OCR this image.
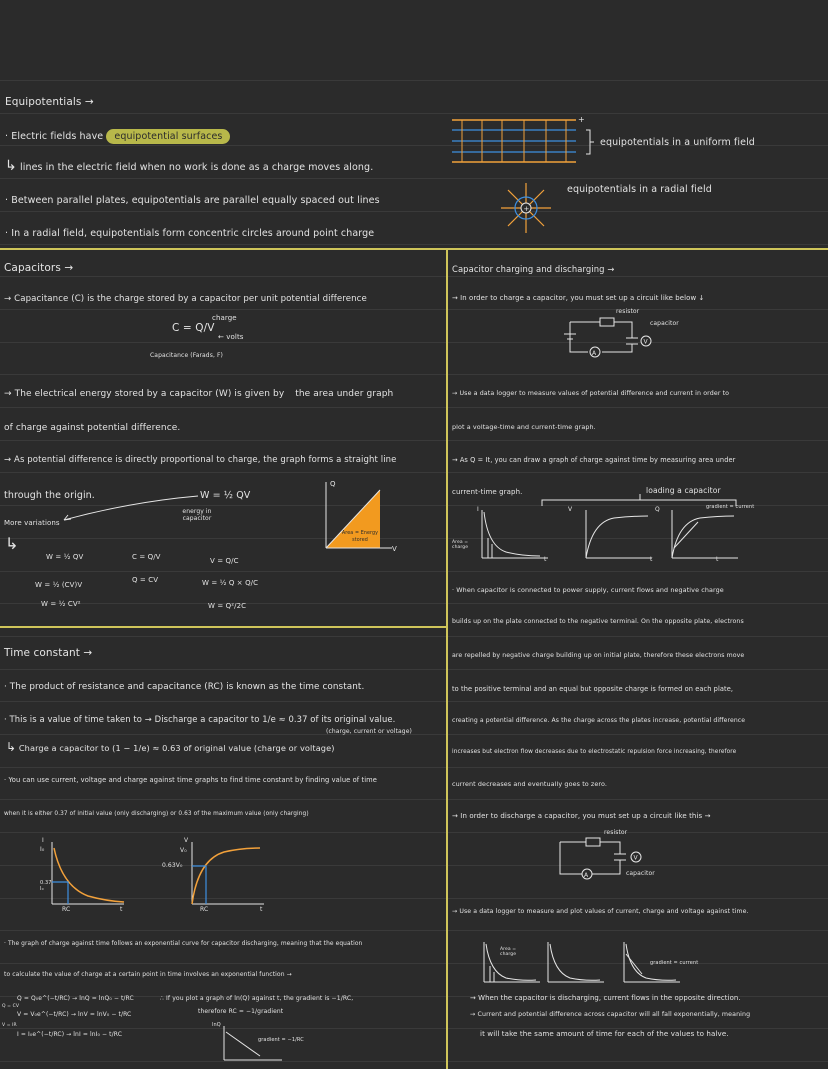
Equipotentials →
· Electric fields have equipotential surfaces
↳ lines in the electric field when no work is done as a charge moves along.
· Between parallel plates, equipotentials are parallel equally spaced out lines
· In a radial field, equipotentials form concentric circles around point charge
+
equipotentials in a uniform field
+
equipotentials in a radial field
Capacitors →
→ Capacitance (C) is the charge stored by a capacitor per unit potential difference
C = Q/V
charge
← volts
Capacitance (Farads, F)
→ The electrical energy stored by a capacitor (W) is given by the area under graph
of charge against potential difference.
→ As potential difference is directly proportional to charge, the graph forms a straight line
through the origin.	W = ½ QV
energy in capacitor
More variations
↳
Q
V
Area = Energy stored
W = ½ QV
W = ½ (CV)V
W = ½ CV²
C = Q/V
Q = CV
V = Q/C
W = ½ Q × Q/C
W = Q²/2C
Time constant →
· The product of resistance and capacitance (RC) is known as the time constant.
· This is a value of time taken to → Discharge a capacitor to 1/e ≈ 0.37 of its original value.
(charge, current or voltage)
↳ Charge a capacitor to (1 − 1/e) ≈ 0.63 of original value (charge or voltage)
· You can use current, voltage and charge against time graphs to find time constant by finding value of time
when it is either 0.37 of initial value (only discharging) or 0.63 of the maximum value (only charging)
I
I₀
0.37 I₀
RC	t
V
V₀
0.63V₀
RC	t
· The graph of charge against time follows an exponential curve for capacitor discharging, meaning that the equation
to calculate the value of charge at a certain point in time involves an exponential function →
Q = Q₀e^(−t/RC) → lnQ = lnQ₀ − t/RC
V = V₀e^(−t/RC) → lnV = lnV₀ − t/RC
I = I₀e^(−t/RC) → lnI = lnI₀ − t/RC
Q = CV
V = IR
∴ If you plot a graph of ln(Q) against t, the gradient is −1/RC,
therefore RC = −1/gradient
lnQ
gradient = −1/RC
Capacitor charging and discharging →
→ In order to charge a capacitor, you must set up a circuit like below ↓
A
V
resistor
capacitor
→ Use a data logger to measure values of potential difference and current in order to
plot a voltage-time and current-time graph.
→ As Q = It, you can draw a graph of charge against time by measuring area under
current-time graph.	loading a capacitor
I
Area = charge
t
V
t
Q
t
gradient = current
· When capacitor is connected to power supply, current flows and negative charge
builds up on the plate connected to the negative terminal. On the opposite plate, electrons
are repelled by negative charge building up on initial plate, therefore these electrons move
to the positive terminal and an equal but opposite charge is formed on each plate,
creating a potential difference. As the charge across the plates increase, potential difference
increases but electron flow decreases due to electrostatic repulsion force increasing, therefore
current decreases and eventually goes to zero.
→ In order to discharge a capacitor, you must set up a circuit like this →
A
V
resistor
capacitor
→ Use a data logger to measure and plot values of current, charge and voltage against time.
Area = charge
gradient = current
→ When the capacitor is discharging, current flows in the opposite direction.
→ Current and potential difference across capacitor will all fall exponentially, meaning
it will take the same amount of time for each of the values to halve.
